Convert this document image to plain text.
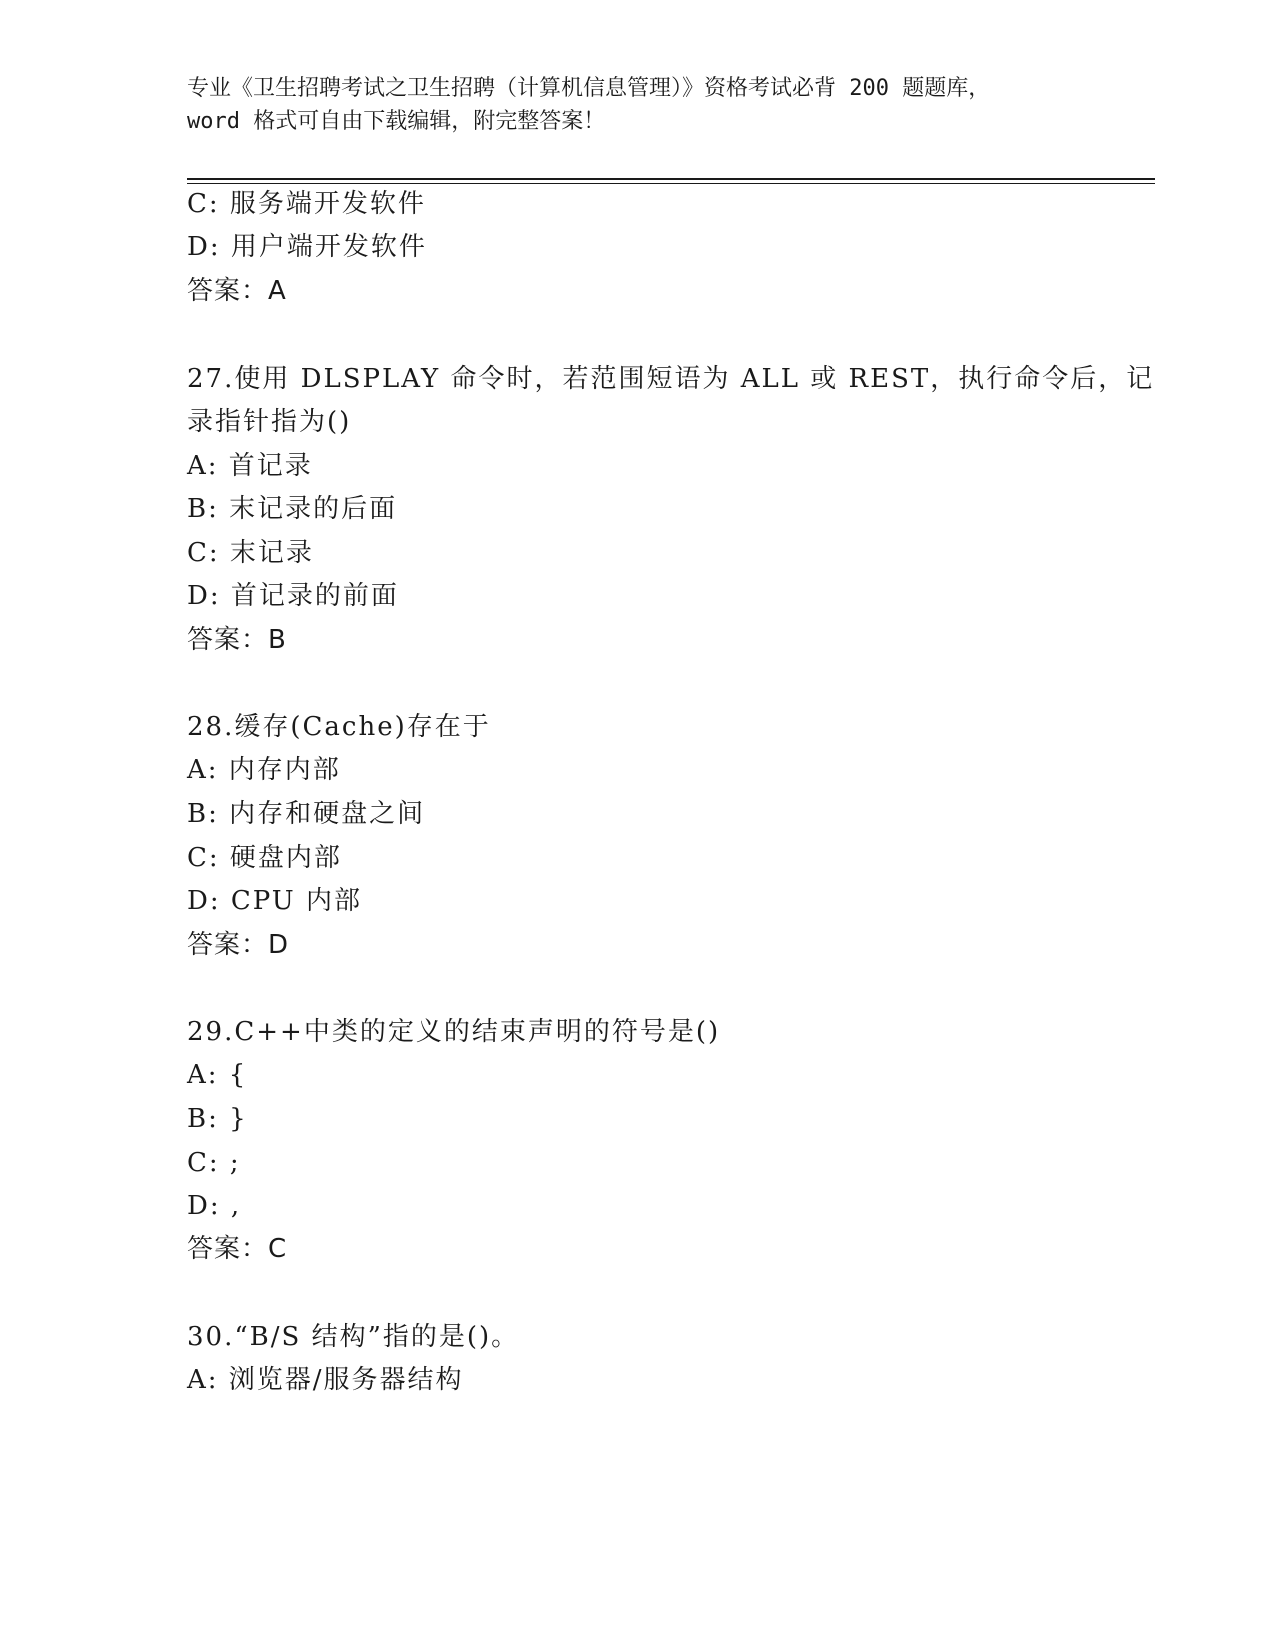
专业《卫生招聘考试之卫生招聘（计算机信息管理）》资格考试必背 200 题题库，
word 格式可自由下载编辑，附完整答案！
C: 服务端开发软件
D: 用户端开发软件
答案：A
27.使用 DLSPLAY 命令时，若范围短语为 ALL 或 REST，执行命令后，记
录指针指为()
A: 首记录
B: 末记录的后面
C: 末记录
D: 首记录的前面
答案：B
28.缓存(Cache)存在于
A: 内存内部
B: 内存和硬盘之间
C: 硬盘内部
D: CPU 内部
答案：D
29.C++中类的定义的结束声明的符号是()
A: {
B: }
C: ;
D: ,
答案：C
30.“B/S 结构”指的是()。
A: 浏览器/服务器结构
